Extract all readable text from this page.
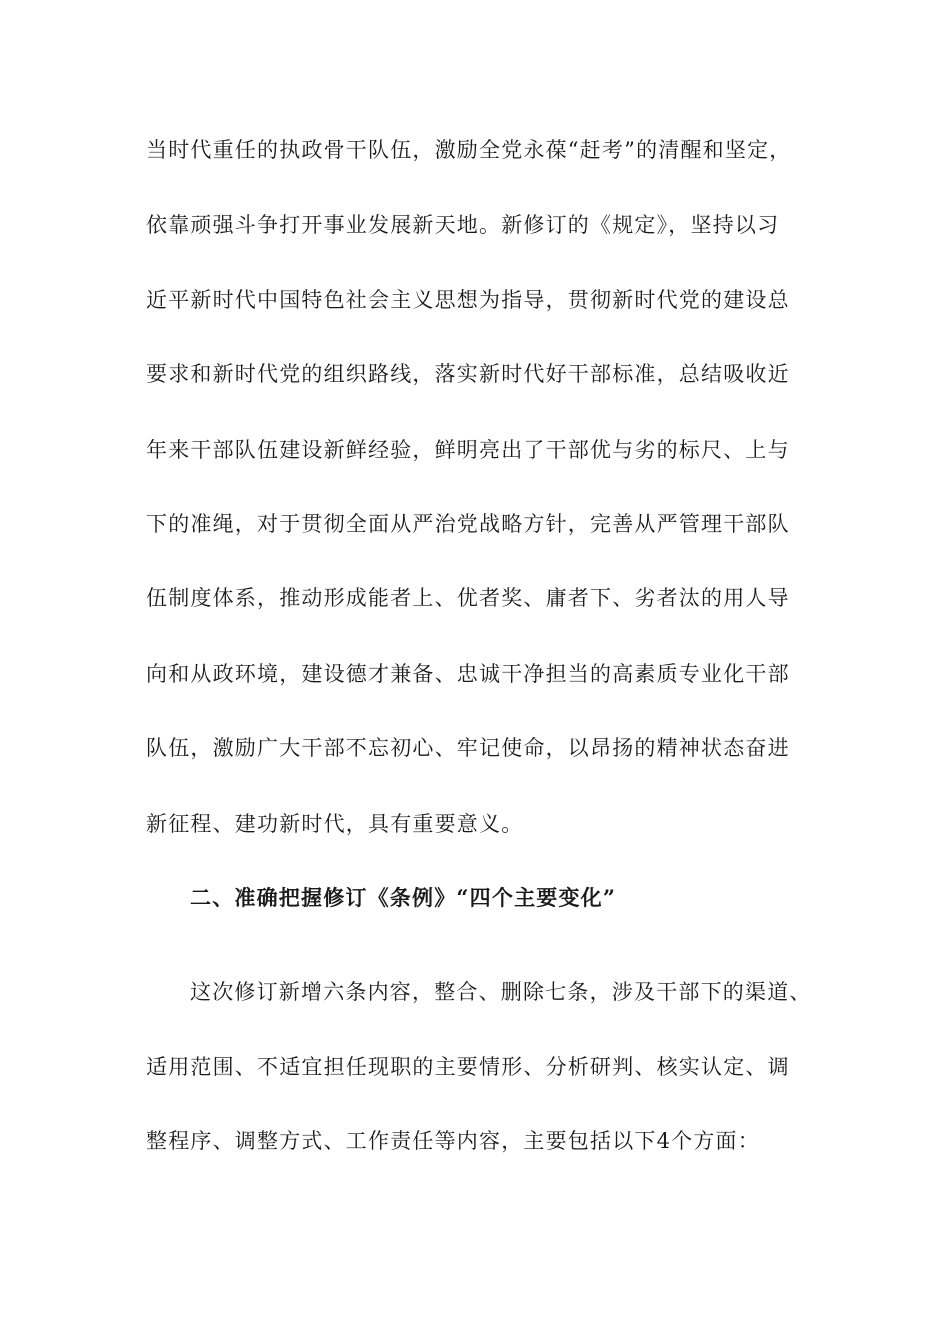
当时代重任的执政骨干队伍，激励全党永葆“赶考”的清醒和坚定，
依靠顽强斗争打开事业发展新天地。新修订的《规定》，坚持以习
近平新时代中国特色社会主义思想为指导，贯彻新时代党的建设总
要求和新时代党的组织路线，落实新时代好干部标准，总结吸收近
年来干部队伍建设新鲜经验，鲜明亮出了干部优与劣的标尺、上与
下的准绳，对于贯彻全面从严治党战略方针，完善从严管理干部队
伍制度体系，推动形成能者上、优者奖、庸者下、劣者汰的用人导
向和从政环境，建设德才兼备、忠诚干净担当的高素质专业化干部
队伍，激励广大干部不忘初心、牢记使命，以昂扬的精神状态奋进
新征程、建功新时代，具有重要意义。
二、准确把握修订《条例》“四个主要变化”
这次修订新增六条内容，整合、删除七条，涉及干部下的渠道、
适用范围、不适宜担任现职的主要情形、分析研判、核实认定、调
整程序、调整方式、工作责任等内容，主要包括以下4个方面：
